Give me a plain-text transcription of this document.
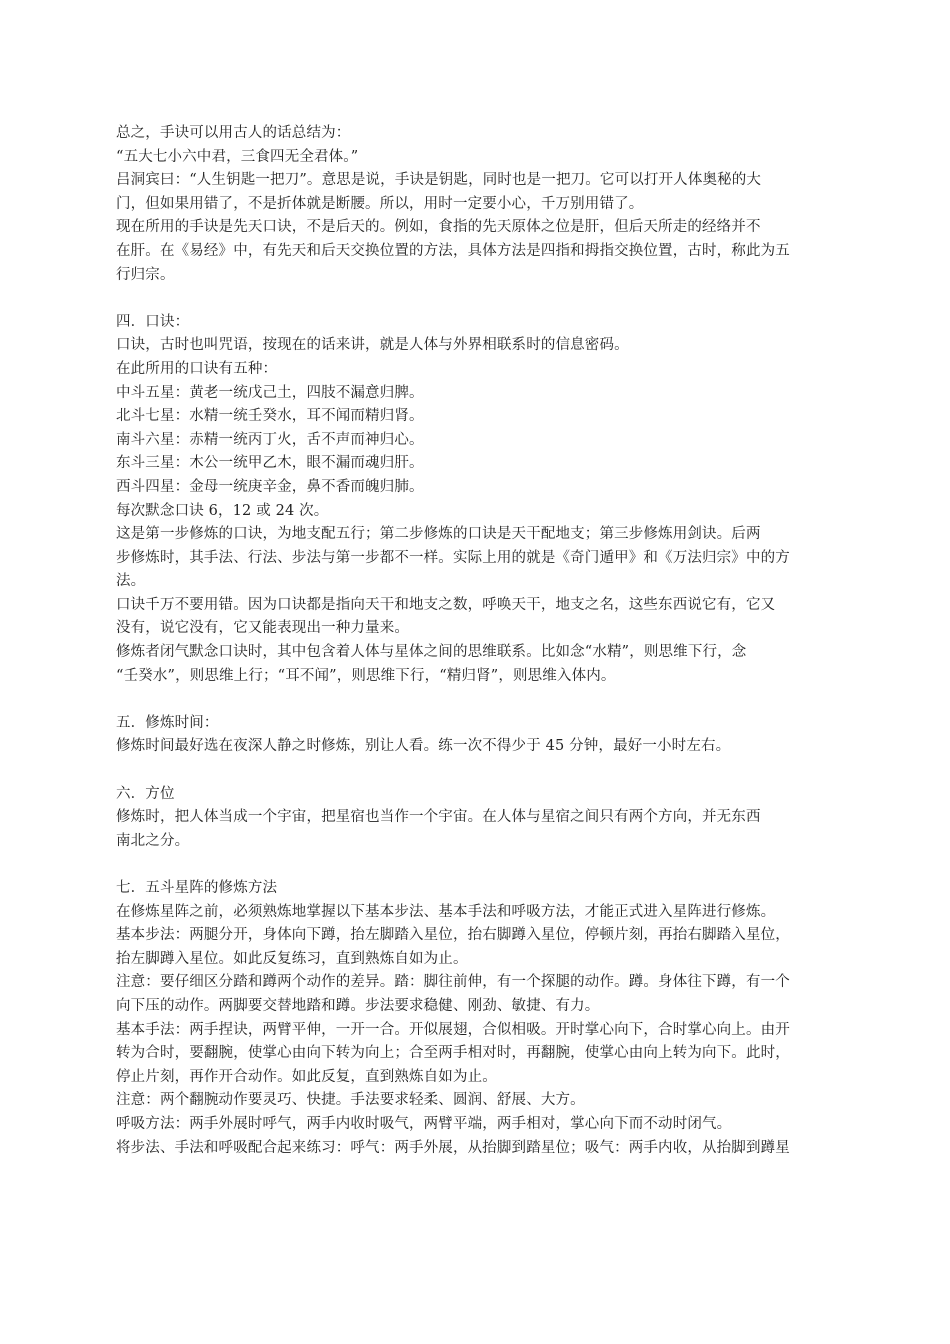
总之，手诀可以用古人的话总结为：
“五大七小六中君，三食四无全君体。”
吕洞宾曰：“人生钥匙一把刀”。意思是说，手诀是钥匙，同时也是一把刀。它可以打开人体奥秘的大
门，但如果用错了，不是折体就是断腰。所以，用时一定要小心，千万别用错了。
现在所用的手诀是先天口诀，不是后天的。例如，食指的先天原体之位是肝，但后天所走的经络并不
在肝。在《易经》中，有先天和后天交换位置的方法，具体方法是四指和拇指交换位置，古时，称此为五
行归宗。
四．口诀：
口诀，古时也叫咒语，按现在的话来讲，就是人体与外界相联系时的信息密码。
在此所用的口诀有五种：
中斗五星：黄老一统戊己土，四肢不漏意归脾。
北斗七星：水精一统壬癸水，耳不闻而精归肾。
南斗六星：赤精一统丙丁火，舌不声而神归心。
东斗三星：木公一统甲乙木，眼不漏而魂归肝。
西斗四星：金母一统庚辛金，鼻不香而魄归肺。
每次默念口诀 6，12 或 24 次。
这是第一步修炼的口诀，为地支配五行；第二步修炼的口诀是天干配地支；第三步修炼用剑诀。后两
步修炼时，其手法、行法、步法与第一步都不一样。实际上用的就是《奇门遁甲》和《万法归宗》中的方
法。
口诀千万不要用错。因为口诀都是指向天干和地支之数，呼唤天干，地支之名，这些东西说它有，它又
没有，说它没有，它又能表现出一种力量来。
修炼者闭气默念口诀时，其中包含着人体与星体之间的思维联系。比如念“水精”，则思维下行，念
“壬癸水”，则思维上行；“耳不闻”，则思维下行，“精归肾”，则思维入体内。
五．修炼时间：
修炼时间最好选在夜深人静之时修炼，别让人看。练一次不得少于 45 分钟，最好一小时左右。
六．方位
修炼时，把人体当成一个宇宙，把星宿也当作一个宇宙。在人体与星宿之间只有两个方向，并无东西
南北之分。
七．五斗星阵的修炼方法
在修炼星阵之前，必须熟炼地掌握以下基本步法、基本手法和呼吸方法，才能正式进入星阵进行修炼。
基本步法：两腿分开，身体向下蹲，抬左脚踏入星位，抬右脚蹲入星位，停顿片刻，再抬右脚踏入星位，
抬左脚蹲入星位。如此反复练习，直到熟炼自如为止。
注意：要仔细区分踏和蹲两个动作的差异。踏：脚往前伸，有一个探腿的动作。蹲。身体往下蹲，有一个
向下压的动作。两脚要交替地踏和蹲。步法要求稳健、刚劲、敏捷、有力。
基本手法：两手捏诀，两臂平伸，一开一合。开似展翅，合似相吸。开时掌心向下，合时掌心向上。由开
转为合时，要翻腕，使掌心由向下转为向上；合至两手相对时，再翻腕，使掌心由向上转为向下。此时，
停止片刻，再作开合动作。如此反复，直到熟炼自如为止。
注意：两个翻腕动作要灵巧、快捷。手法要求轻柔、圆润、舒展、大方。
呼吸方法：两手外展时呼气，两手内收时吸气，两臂平端，两手相对，掌心向下而不动时闭气。
将步法、手法和呼吸配合起来练习：呼气：两手外展，从抬脚到踏星位；吸气：两手内收，从抬脚到蹲星
